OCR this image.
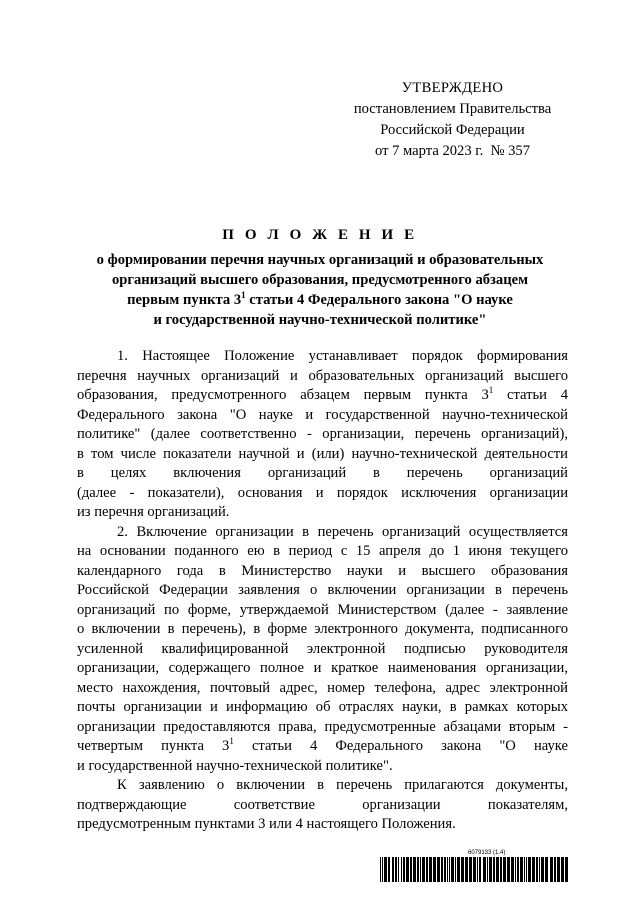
УТВЕРЖДЕНО
постановлением Правительства
Российской Федерации
от 7 марта 2023 г.  № 357
П О Л О Ж Е Н И Е
о формировании перечня научных организаций и образовательных
организаций высшего образования, предусмотренного абзацем
первым пункта $3^1$ статьи 4 Федерального закона "О науке
и государственной научно-технической политике"

1. Настоящее Положение устанавливает порядок формирования
перечня научных организаций и образовательных организаций высшего
образования, предусмотренного абзацем первым пункта $3^1$ статьи 4
Федерального закона "О науке и государственной научно-технической
политике" (далее соответственно - организации, перечень организаций),
в том числе показатели научной и (или) научно-технической деятельности
в целях включения организаций в перечень организаций
(далее - показатели), основания и порядок исключения организации
из перечня организаций.

2. Включение организации в перечень организаций осуществляется
на основании поданного ею в период с 15 апреля до 1 июня текущего
календарного года в Министерство науки и высшего образования
Российской Федерации заявления о включении организации в перечень
организаций по форме, утверждаемой Министерством (далее - заявление
о включении в перечень), в форме электронного документа, подписанного
усиленной квалифицированной электронной подписью руководителя
организации, содержащего полное и краткое наименования организации,
место нахождения, почтовый адрес, номер телефона, адрес электронной
почты организации и информацию об отраслях науки, в рамках которых
организации предоставляются права, предусмотренные абзацами вторым -
четвертым пункта $3^1$ статьи 4 Федерального закона "О науке
и государственной научно-технической политике".

К заявлению о включении в перечень прилагаются документы,
подтверждающие соответствие организации показателям,
предусмотренным пунктами 3 или 4 настоящего Положения.

6079133 (1.4)
